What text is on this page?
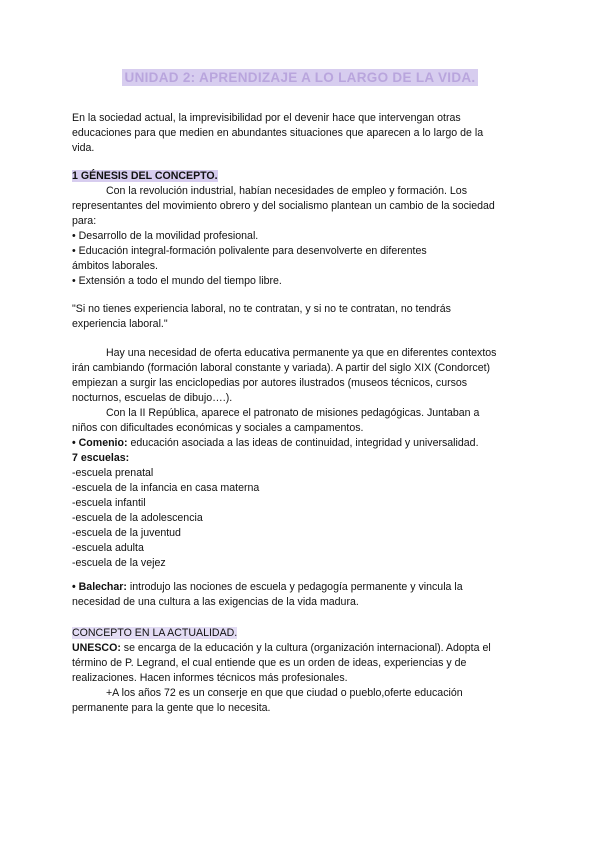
UNIDAD 2: APRENDIZAJE A LO LARGO DE LA VIDA.
En la sociedad actual, la imprevisibilidad por el devenir hace que intervengan otras
educaciones para que medien en abundantes situaciones que aparecen a lo largo de la
vida.
1 GÉNESIS DEL CONCEPTO.
Con la revolución industrial, habían necesidades de empleo y formación. Los
representantes del movimiento obrero y del socialismo plantean un cambio de la sociedad
para:
• Desarrollo de la movilidad profesional.
• Educación integral-formación polivalente para desenvolverte en diferentes
ámbitos laborales.
• Extensión a todo el mundo del tiempo libre.
"Si no tienes experiencia laboral, no te contratan, y si no te contratan, no tendrás
experiencia laboral."
Hay una necesidad de oferta educativa permanente ya que en diferentes contextos
irán cambiando (formación laboral constante y variada). A partir del siglo XIX (Condorcet)
empiezan a surgir las enciclopedias por autores ilustrados (museos técnicos, cursos
nocturnos, escuelas de dibujo….).
Con la II República, aparece el patronato de misiones pedagógicas. Juntaban a
niños con dificultades económicas y sociales a campamentos.
• Comenio: educación asociada a las ideas de continuidad, integridad y universalidad.
7 escuelas:
-escuela prenatal
-escuela de la infancia en casa materna
-escuela infantil
-escuela de la adolescencia
-escuela de la juventud
-escuela adulta
-escuela de la vejez
• Balechar: introdujo las nociones de escuela y pedagogía permanente y vincula la
necesidad de una cultura a las exigencias de la vida madura.
CONCEPTO EN LA ACTUALIDAD.
UNESCO: se encarga de la educación y la cultura (organización internacional). Adopta el
término de P. Legrand, el cual entiende que es un orden de ideas, experiencias y de
realizaciones. Hacen informes técnicos más profesionales.
+A los años 72 es un conserje en que que ciudad o pueblo,oferte educación
permanente para la gente que lo necesita.
